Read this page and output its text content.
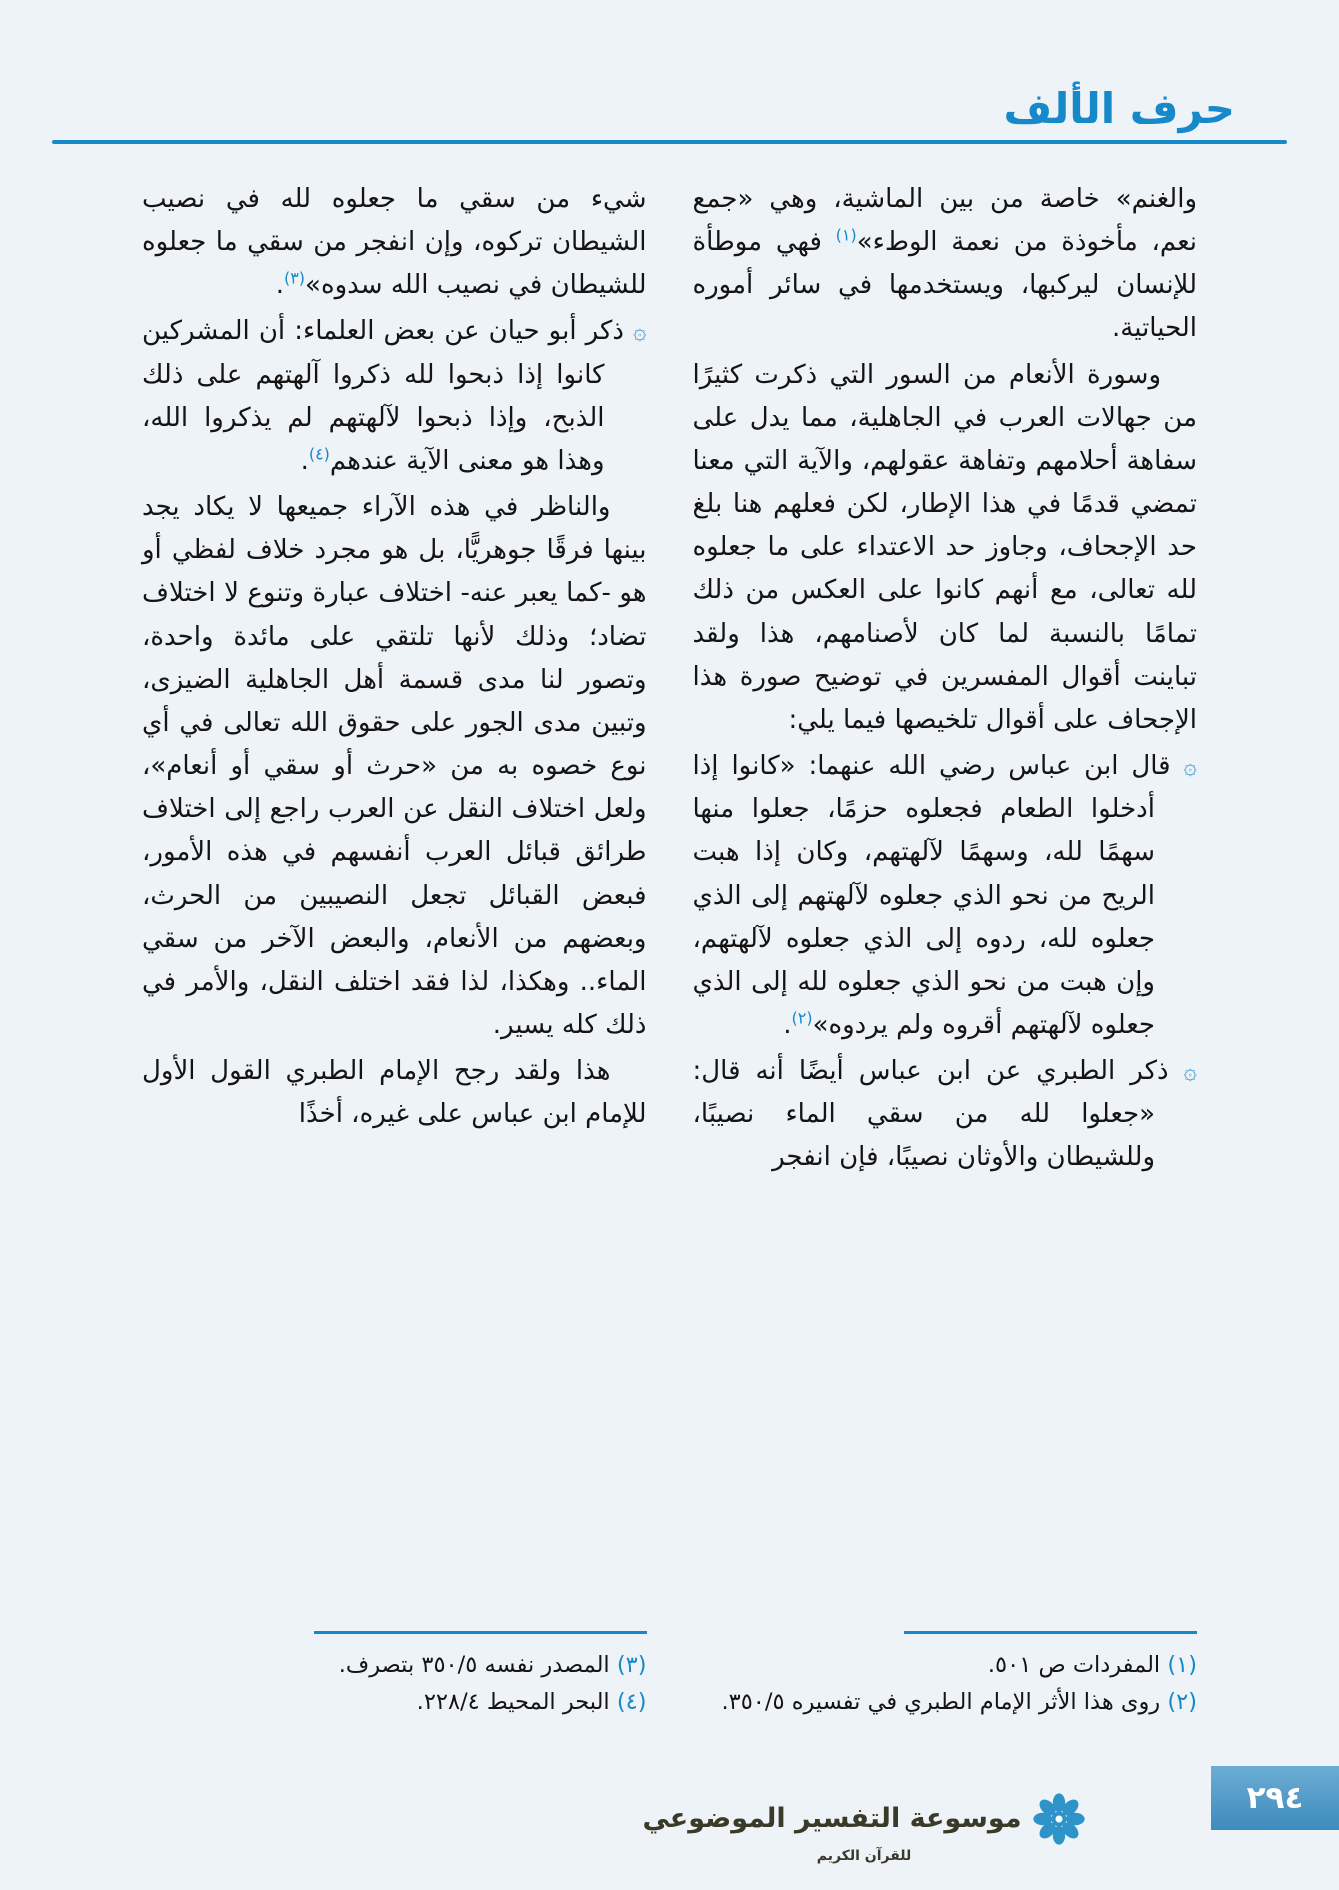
حرف الألف

والغنم» خاصة من بين الماشية، وهي «جمع نعم، مأخوذة من نعمة الوطء»$^{(١)}$ فهي موطأة للإنسان ليركبها، ويستخدمها في سائر أموره الحياتية.

وسورة الأنعام من السور التي ذكرت كثيرًا من جهالات العرب في الجاهلية، مما يدل على سفاهة أحلامهم وتفاهة عقولهم، والآية التي معنا تمضي قدمًا في هذا الإطار، لكن فعلهم هنا بلغ حد الإجحاف، وجاوز حد الاعتداء على ما جعلوه لله تعالى، مع أنهم كانوا على العكس من ذلك تمامًا بالنسبة لما كان لأصنامهم، هذا ولقد تباينت أقوال المفسرين في توضيح صورة هذا الإجحاف على أقوال تلخيصها فيما يلي:

۞ قال ابن عباس رضي الله عنهما: «كانوا إذا أدخلوا الطعام فجعلوه حزمًا، جعلوا منها سهمًا لله، وسهمًا لآلهتهم، وكان إذا هبت الريح من نحو الذي جعلوه لآلهتهم إلى الذي جعلوه لله، ردوه إلى الذي جعلوه لآلهتهم، وإن هبت من نحو الذي جعلوه لله إلى الذي جعلوه لآلهتهم أقروه ولم يردوه»$^{(٢)}$.

۞ ذكر الطبري عن ابن عباس أيضًا أنه قال: «جعلوا لله من سقي الماء نصيبًا، وللشيطان والأوثان نصيبًا، فإن انفجر

(١) المفردات ص ٥٠١.
(٢) روى هذا الأثر الإمام الطبري في تفسيره ٣٥٠/٥.

شيء من سقي ما جعلوه لله في نصيب الشيطان تركوه، وإن انفجر من سقي ما جعلوه للشيطان في نصيب الله سدوه»$^{(٣)}$.

۞ ذكر أبو حيان عن بعض العلماء: أن المشركين كانوا إذا ذبحوا لله ذكروا آلهتهم على ذلك الذبح، وإذا ذبحوا لآلهتهم لم يذكروا الله، وهذا هو معنى الآية عندهم$^{(٤)}$.

والناظر في هذه الآراء جميعها لا يكاد يجد بينها فرقًا جوهريًّا، بل هو مجرد خلاف لفظي أو هو -كما يعبر عنه- اختلاف عبارة وتنوع لا اختلاف تضاد؛ وذلك لأنها تلتقي على مائدة واحدة، وتصور لنا مدى قسمة أهل الجاهلية الضيزى، وتبين مدى الجور على حقوق الله تعالى في أي نوع خصوه به من «حرث أو سقي أو أنعام»، ولعل اختلاف النقل عن العرب راجع إلى اختلاف طرائق قبائل العرب أنفسهم في هذه الأمور، فبعض القبائل تجعل النصيبين من الحرث، وبعضهم من الأنعام، والبعض الآخر من سقي الماء.. وهكذا، لذا فقد اختلف النقل، والأمر في ذلك كله يسير.

هذا ولقد رجح الإمام الطبري القول الأول للإمام ابن عباس على غيره، أخذًا

(٣) المصدر نفسه ٣٥٠/٥ بتصرف.
(٤) البحر المحيط ٢٢٨/٤.
موسوعة التفسير الموضوعي
للقرآن الكريم
٢٩٤
